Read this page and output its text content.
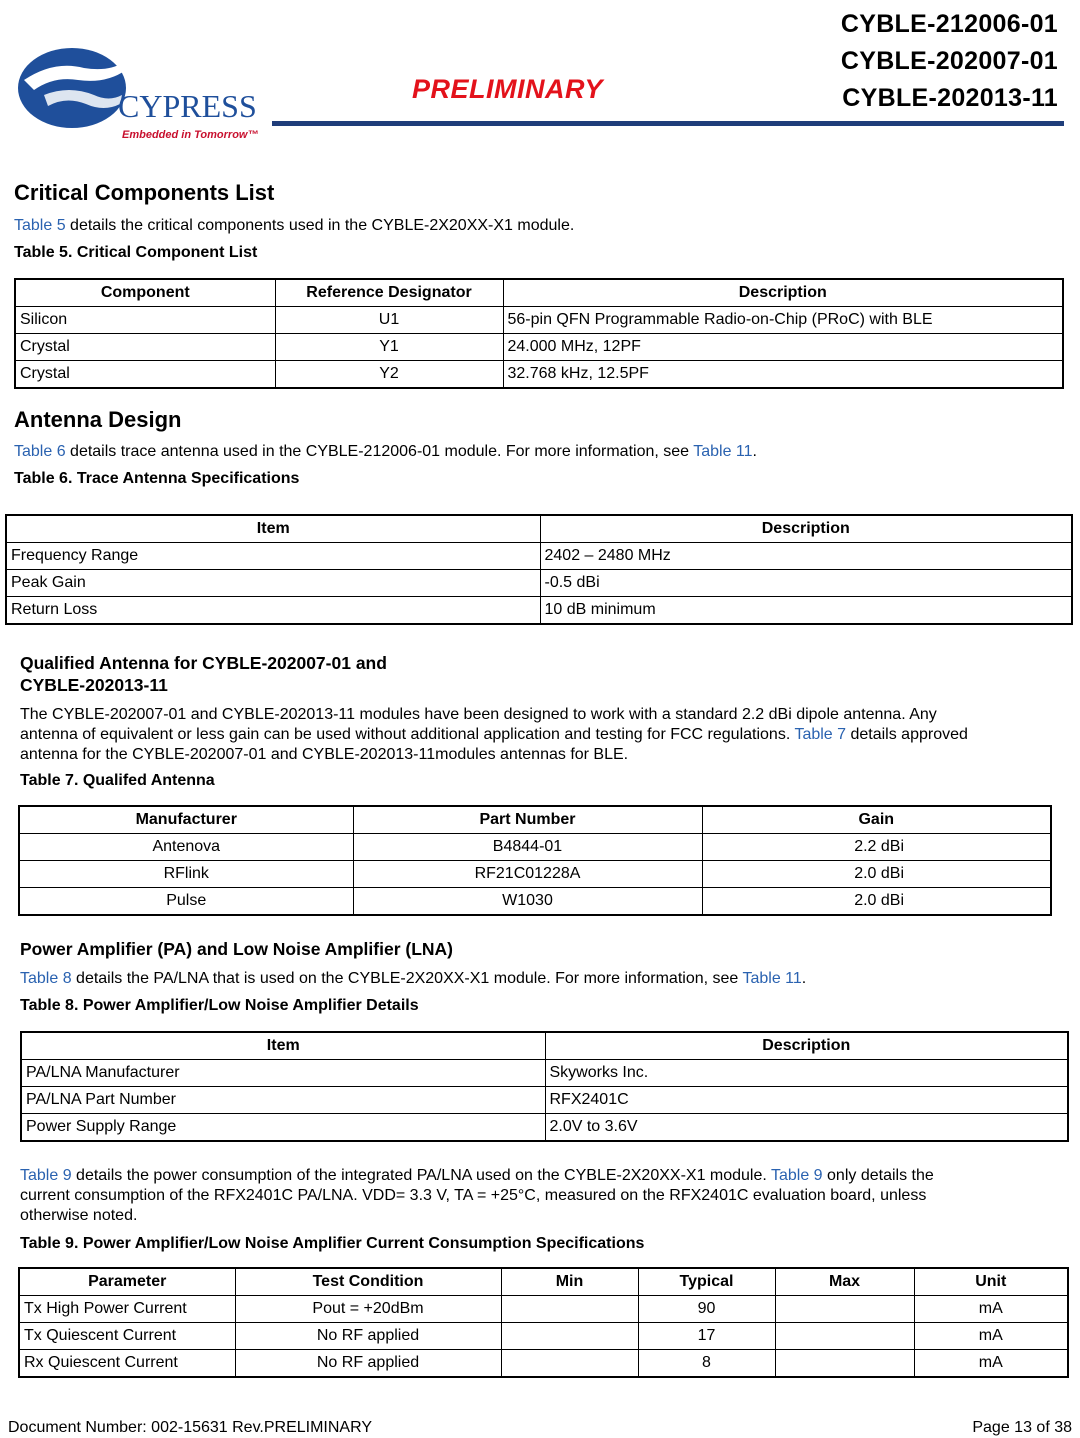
CYPRESS
Embedded in Tomorrow™
PRELIMINARY
CYBLE-212006-01
CYBLE-202007-01
CYBLE-202013-11
Critical Components List

Table 5 details the critical components used in the CYBLE-2X20XX-X1 module.

Table 5. Critical Component List

Component	Reference Designator	Description
Silicon	U1	56-pin QFN Programmable Radio-on-Chip (PRoC) with BLE
Crystal	Y1	24.000 MHz, 12PF
Crystal	Y2	32.768 kHz, 12.5PF
Antenna Design

Table 6 details trace antenna used in the CYBLE-212006-01 module. For more information, see Table 11.

Table 6. Trace Antenna Specifications

Item	Description
Frequency Range	2402 – 2480 MHz
Peak Gain	-0.5 dBi
Return Loss	10 dB minimum
Qualified Antenna for CYBLE-202007-01 and
CYBLE-202013-11
The CYBLE-202007-01 and CYBLE-202013-11 modules have been designed to work with a standard 2.2 dBi dipole antenna. Any
antenna of equivalent or less gain can be used without additional application and testing for FCC regulations. Table 7 details approved
antenna for the CYBLE-202007-01 and CYBLE-202013-11modules antennas for BLE.

Table 7. Qualifed Antenna

Manufacturer	Part Number	Gain
Antenova	B4844-01	2.2 dBi
RFlink	RF21C01228A	2.0 dBi
Pulse	W1030	2.0 dBi
Power Amplifier (PA) and Low Noise Amplifier (LNA)

Table 8 details the PA/LNA that is used on the CYBLE-2X20XX-X1 module. For more information, see Table 11.

Table 8. Power Amplifier/Low Noise Amplifier Details

Item	Description
PA/LNA Manufacturer	Skyworks Inc.
PA/LNA Part Number	RFX2401C
Power Supply Range	2.0V to 3.6V
Table 9 details the power consumption of the integrated PA/LNA used on the CYBLE-2X20XX-X1 module. Table 9 only details the
current consumption of the RFX2401C PA/LNA. VDD= 3.3 V, TA = +25°C, measured on the RFX2401C evaluation board, unless
otherwise noted.

Table 9. Power Amplifier/Low Noise Amplifier Current Consumption Specifications

Parameter	Test Condition	Min	Typical	Max	Unit
Tx High Power Current	Pout = +20dBm		90		mA
Tx Quiescent Current	No RF applied		17		mA
Rx Quiescent Current	No RF applied		8		mA
Document Number: 002-15631 Rev.PRELIMINARY	Page 13 of 38
